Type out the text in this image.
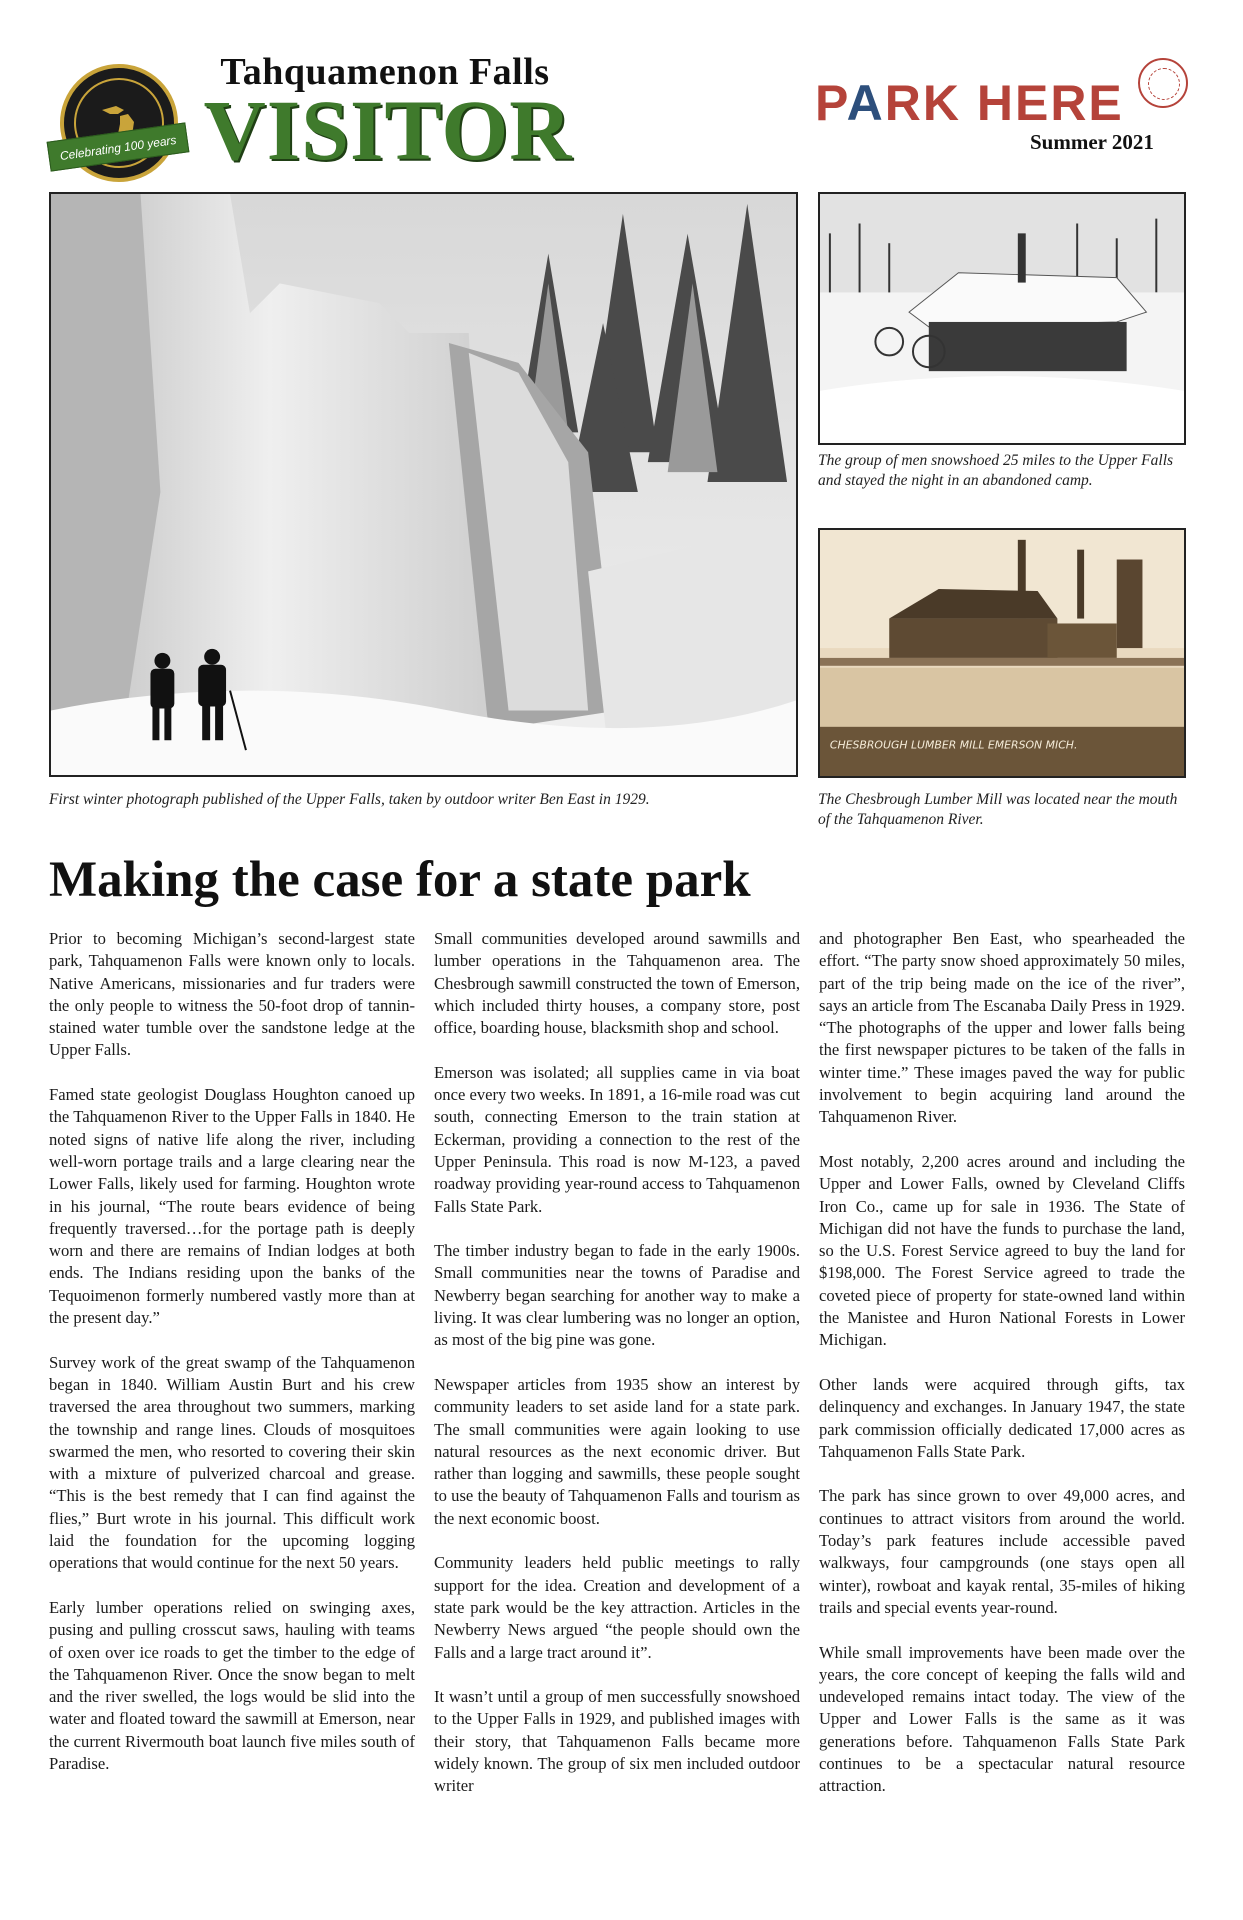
Celebrating 100 years
Tahquamenon Falls
VISITOR	PARK HERE
Summer 2021
First winter photograph published of the Upper Falls, taken by outdoor writer Ben East in 1929.
The group of men snowshoed 25 miles to the Upper Falls and stayed the night in an abandoned camp.
CHESBROUGH LUMBER MILL EMERSON MICH.
The Chesbrough Lumber Mill was located near the mouth of the Tahquamenon River.
Making the case for a state park

Prior to becoming Michigan’s second-largest state park, Tahquamenon Falls were known only to locals. Native Americans, missionaries and fur traders were the only people to witness the 50-foot drop of tannin-stained water tumble over the sandstone ledge at the Upper Falls.

Famed state geologist Douglass Houghton canoed up the Tahquamenon River to the Upper Falls in 1840. He noted signs of native life along the river, including well-worn portage trails and a large clearing near the Lower Falls, likely used for farming. Houghton wrote in his journal, “The route bears evidence of being frequently traversed…for the portage path is deeply worn and there are remains of Indian lodges at both ends. The Indians residing upon the banks of the Tequoimenon formerly numbered vastly more than at the present day.”

Survey work of the great swamp of the Tahquamenon began in 1840. William Austin Burt and his crew traversed the area throughout two summers, marking the township and range lines. Clouds of mosquitoes swarmed the men, who resorted to covering their skin with a mixture of pulverized charcoal and grease. “This is the best remedy that I can find against the flies,” Burt wrote in his journal. This difficult work laid the foundation for the upcoming logging operations that would continue for the next 50 years.

Early lumber operations relied on swinging axes, pusing and pulling crosscut saws, hauling with teams of oxen over ice roads to get the timber to the edge of the Tahquamenon River. Once the snow began to melt and the river swelled, the logs would be slid into the water and floated toward the sawmill at Emerson, near the current Rivermouth boat launch five miles south of Paradise.

Small communities developed around sawmills and lumber operations in the Tahquamenon area. The Chesbrough sawmill constructed the town of Emerson, which included thirty houses, a company store, post office, boarding house, blacksmith shop and school.

Emerson was isolated; all supplies came in via boat once every two weeks. In 1891, a 16-mile road was cut south, connecting Emerson to the train station at Eckerman, providing a connection to the rest of the Upper Peninsula. This road is now M-123, a paved roadway providing year-round access to Tahquamenon Falls State Park.

The timber industry began to fade in the early 1900s. Small communities near the towns of Paradise and Newberry began searching for another way to make a living. It was clear lumbering was no longer an option, as most of the big pine was gone.

Newspaper articles from 1935 show an interest by community leaders to set aside land for a state park. The small communities were again looking to use natural resources as the next economic driver. But rather than logging and sawmills, these people sought to use the beauty of Tahquamenon Falls and tourism as the next economic boost.

Community leaders held public meetings to rally support for the idea. Creation and development of a state park would be the key attraction. Articles in the Newberry News argued “the people should own the Falls and a large tract around it”.

It wasn’t until a group of men successfully snowshoed to the Upper Falls in 1929, and published images with their story, that Tahquamenon Falls became more widely known. The group of six men included outdoor writer

and photographer Ben East, who spearheaded the effort. “The party snow shoed approximately 50 miles, part of the trip being made on the ice of the river”, says an article from The Escanaba Daily Press in 1929. “The photographs of the upper and lower falls being the first newspaper pictures to be taken of the falls in winter time.” These images paved the way for public involvement to begin acquiring land around the Tahquamenon River.

Most notably, 2,200 acres around and including the Upper and Lower Falls, owned by Cleveland Cliffs Iron Co., came up for sale in 1936. The State of Michigan did not have the funds to purchase the land, so the U.S. Forest Service agreed to buy the land for $198,000. The Forest Service agreed to trade the coveted piece of property for state-owned land within the Manistee and Huron National Forests in Lower Michigan.

Other lands were acquired through gifts, tax delinquency and exchanges. In January 1947, the state park commission officially dedicated 17,000 acres as Tahquamenon Falls State Park.

The park has since grown to over 49,000 acres, and continues to attract visitors from around the world. Today’s park features include accessible paved walkways, four campgrounds (one stays open all winter), rowboat and kayak rental, 35-miles of hiking trails and special events year-round.

While small improvements have been made over the years, the core concept of keeping the falls wild and undeveloped remains intact today. The view of the Upper and Lower Falls is the same as it was generations before. Tahquamenon Falls State Park continues to be a spectacular natural resource attraction.
